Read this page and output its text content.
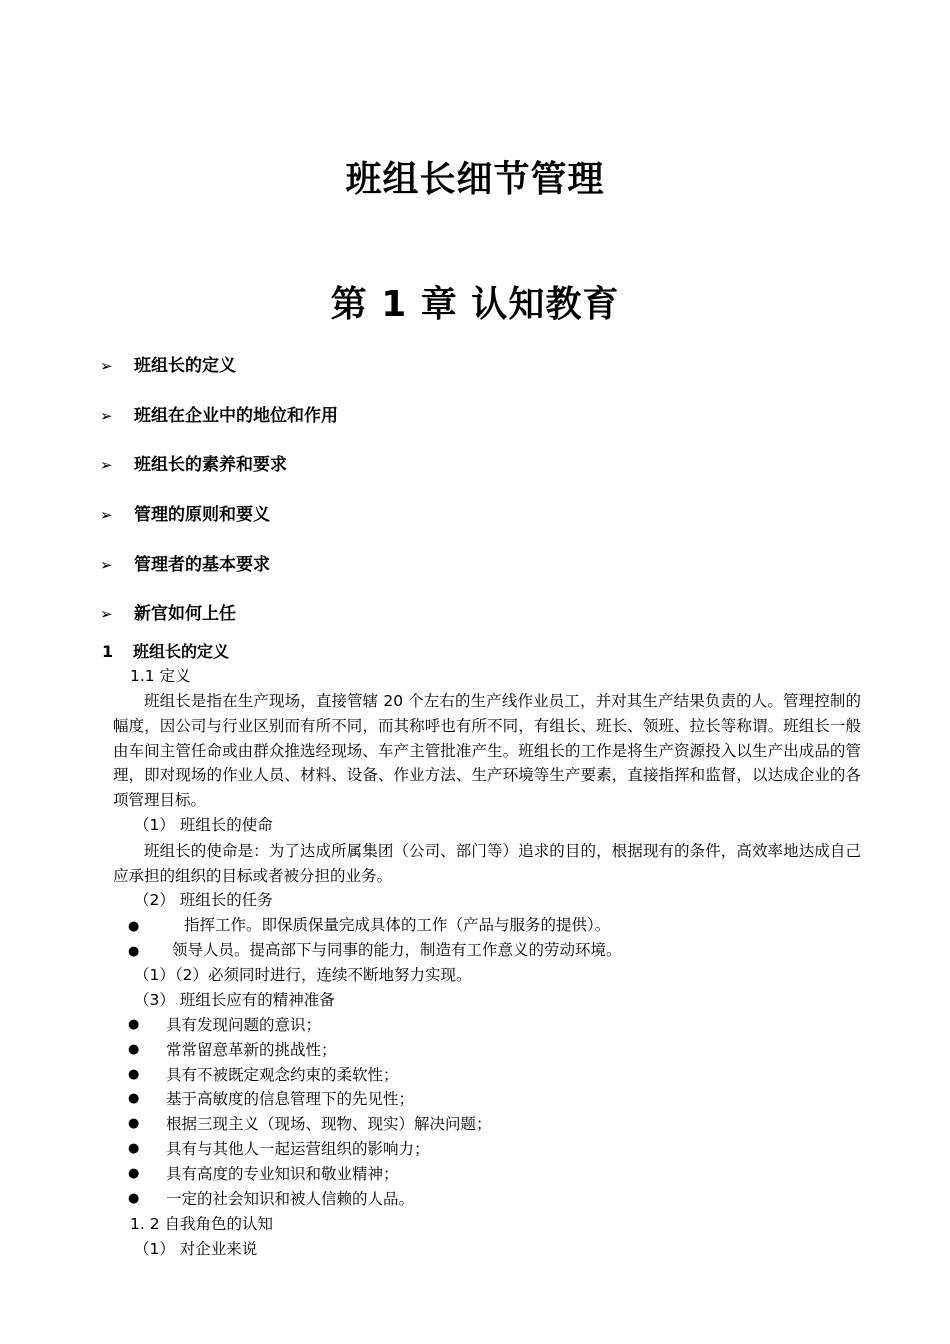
班组长细节管理
第 1 章 认知教育
➢	班组长的定义
➢	班组在企业中的地位和作用
➢	班组长的素养和要求
➢	管理的原则和要义
➢	管理者的基本要求
➢	新官如何上任
1 班组长的定义
1.1 定义
班组长是指在生产现场，直接管辖 20 个左右的生产线作业员工，并对其生产结果负责的人。管理控制的幅度，因公司与行业区别而有所不同，而其称呼也有所不同，有组长、班长、领班、拉长等称谓。班组长一般由车间主管任命或由群众推选经现场、车产主管批准产生。班组长的工作是将生产资源投入以生产出成品的管理，即对现场的作业人员、材料、设备、作业方法、生产环境等生产要素，直接指挥和监督，以达成企业的各项管理目标。
（1） 班组长的使命
班组长的使命是：为了达成所属集团（公司、部门等）追求的目的，根据现有的条件，高效率地达成自己应承担的组织的目标或者被分担的业务。
（2） 班组长的任务
●	指挥工作。即保质保量完成具体的工作（产品与服务的提供）。
● 领导人员。提高部下与同事的能力，制造有工作意义的劳动环境。
（1）（2）必须同时进行，连续不断地努力实现。
（3） 班组长应有的精神准备
●	具有发现问题的意识；
●	常常留意革新的挑战性；
●	具有不被既定观念约束的柔软性；
●	基于高敏度的信息管理下的先见性；
●	根据三现主义（现场、现物、现实）解决问题；
●	具有与其他人一起运营组织的影响力；
●	具有高度的专业知识和敬业精神；
●	一定的社会知识和被人信赖的人品。
1. 2 自我角色的认知
（1） 对企业来说
